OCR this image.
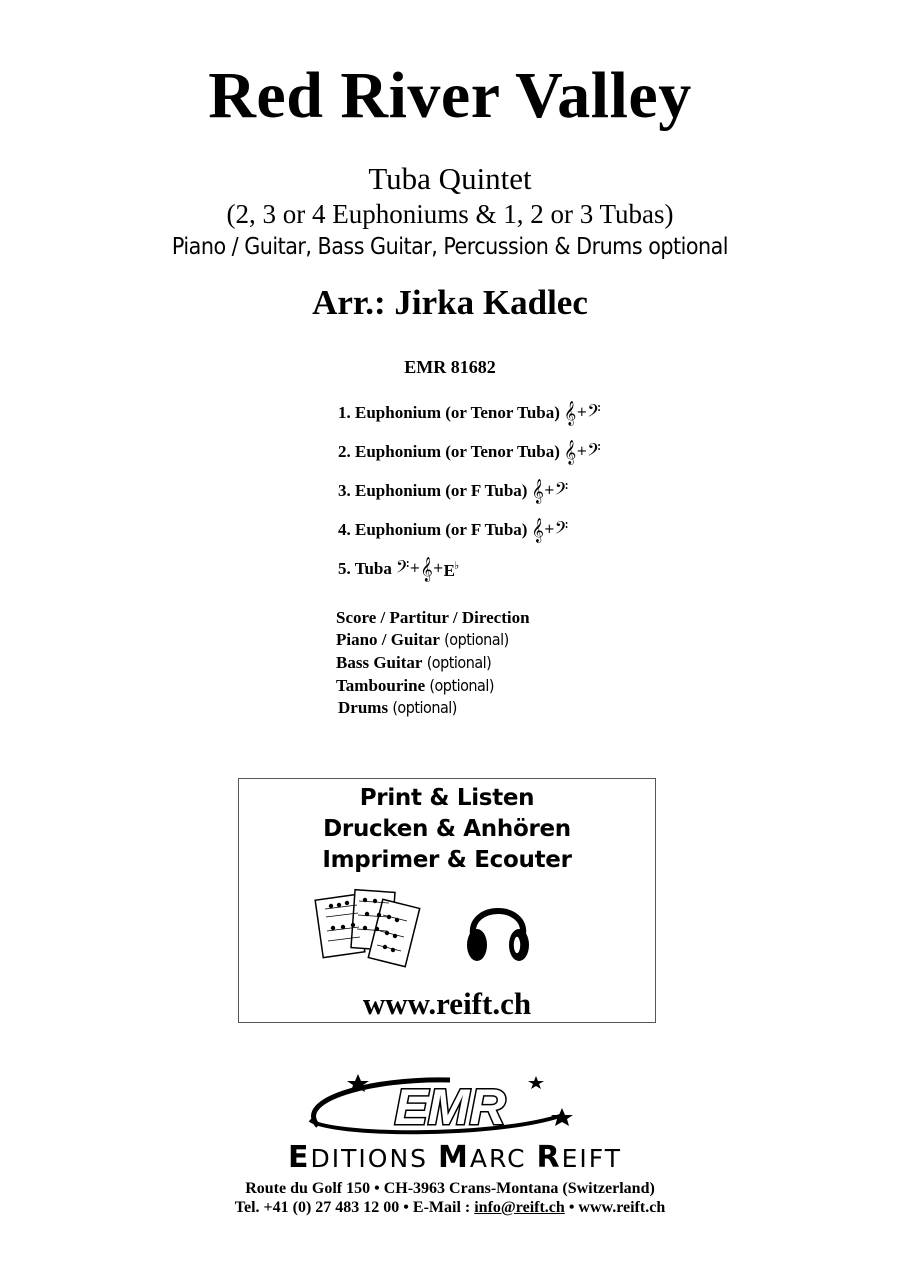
Red River Valley
Tuba Quintet
(2, 3 or 4 Euphoniums & 1, 2 or 3 Tubas)
Piano / Guitar, Bass Guitar, Percussion & Drums optional
Arr.: Jirka Kadlec
EMR 81682
1. Euphonium (or Tenor Tuba) 𝄞+𝄢
2. Euphonium (or Tenor Tuba) 𝄞+𝄢
3. Euphonium (or F Tuba) 𝄞+𝄢
4. Euphonium (or F Tuba) 𝄞+𝄢
5. Tuba 𝄢+𝄞+E♭
Score / Partitur / Direction
Piano / Guitar (optional)
Bass Guitar (optional)
Tambourine (optional)
Drums (optional)
Print & Listen
Drucken & Anhören
Imprimer & Ecouter
www.reift.ch
EMR
EDITIONS MARC REIFT
Route du Golf 150 • CH-3963 Crans-Montana (Switzerland)
Tel. +41 (0) 27 483 12 00 • E-Mail : info@reift.ch • www.reift.ch
